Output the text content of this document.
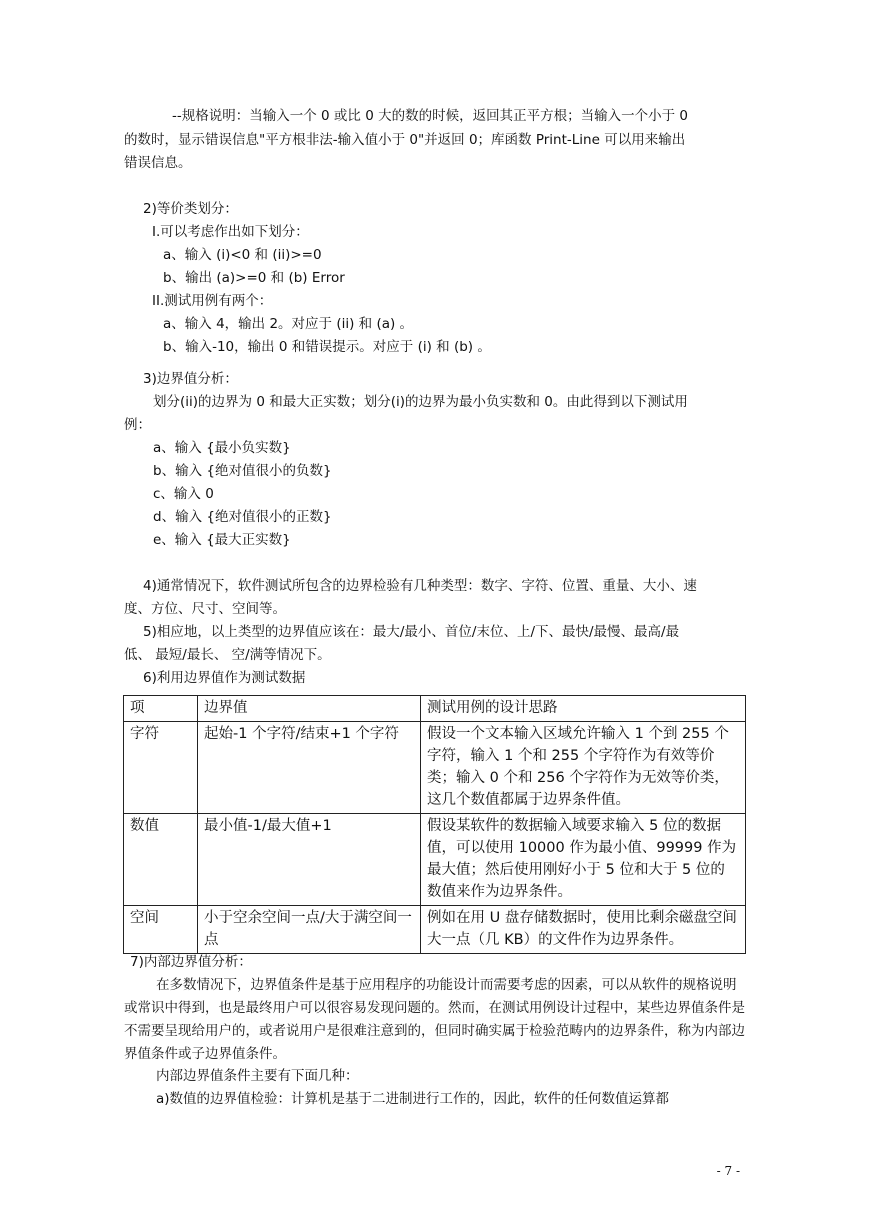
--规格说明：当输入一个 0 或比 0 大的数的时候，返回其正平方根；当输入一个小于 0
的数时，显示错误信息"平方根非法-输入值小于 0"并返回 0；库函数 Print-Line 可以用来输出
错误信息。
2)等价类划分：
I.可以考虑作出如下划分：
a、输入 (i)<0 和 (ii)>=0
b、输出 (a)>=0 和 (b) Error
II.测试用例有两个：
a、输入 4，输出 2。对应于 (ii) 和 (a) 。
b、输入-10，输出 0 和错误提示。对应于 (i) 和 (b) 。
3)边界值分析：
划分(ii)的边界为 0 和最大正实数；划分(i)的边界为最小负实数和 0。由此得到以下测试用
例：
a、输入 {最小负实数}
b、输入 {绝对值很小的负数}
c、输入 0
d、输入 {绝对值很小的正数}
e、输入 {最大正实数}
4)通常情况下，软件测试所包含的边界检验有几种类型：数字、字符、位置、重量、大小、速
度、方位、尺寸、空间等。
5)相应地，以上类型的边界值应该在：最大/最小、首位/末位、上/下、最快/最慢、最高/最
低、 最短/最长、 空/满等情况下。
6)利用边界值作为测试数据
项	边界值	测试用例的设计思路
字符	起始-1 个字符/结束+1 个字符	假设一个文本输入区域允许输入 1 个到 255 个 字符，输入 1 个和 255 个字符作为有效等价类；输入 0 个和 256 个字符作为无效等价类，这几个数值都属于边界条件值。
数值	最小值-1/最大值+1	假设某软件的数据输入域要求输入 5 位的数据值，可以使用 10000 作为最小值、99999 作为最大值；然后使用刚好小于 5 位和大于 5 位的 数值来作为边界条件。
空间	小于空余空间一点/大于满空间一点	例如在用 U 盘存储数据时，使用比剩余磁盘空间大一点（几 KB）的文件作为边界条件。
7)内部边界值分析：
在多数情况下，边界值条件是基于应用程序的功能设计而需要考虑的因素，可以从软件的规格说明或常识中得到，也是最终用户可以很容易发现问题的。然而，在测试用例设计过程中，某些边界值条件是不需要呈现给用户的，或者说用户是很难注意到的，但同时确实属于检验范畴内的边界条件，称为内部边界值条件或子边界值条件。
内部边界值条件主要有下面几种：
a)数值的边界值检验：计算机是基于二进制进行工作的，因此，软件的任何数值运算都
- 7 -
